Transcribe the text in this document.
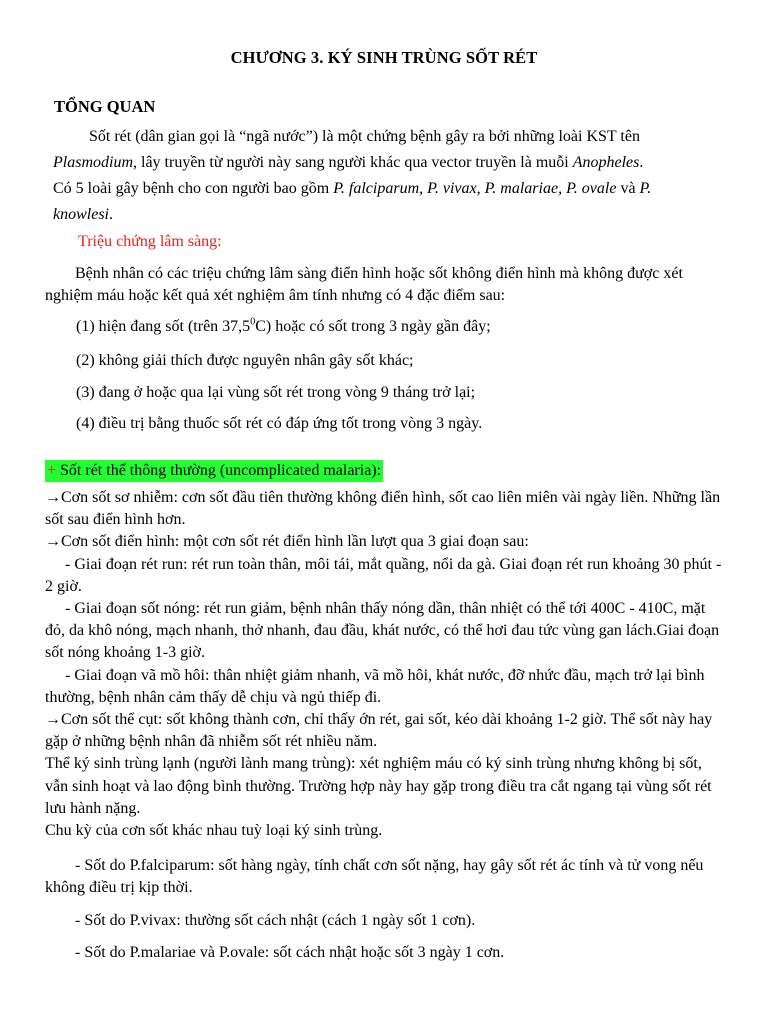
CHƯƠNG 3. KÝ SINH TRÙNG SỐT RÉT
TỔNG QUAN
Sốt rét (dân gian gọi là “ngã nước”) là một chứng bệnh gây ra bởi những loài KST tên Plasmodium, lây truyền từ người này sang người khác qua vector truyền là muỗi Anopheles.
Có 5 loài gây bệnh cho con người bao gồm P. falciparum, P. vivax, P. malariae, P. ovale và P. knowlesi.
Triệu chứng lâm sàng:
Bệnh nhân có các triệu chứng lâm sàng điển hình hoặc sốt không điển hình mà không được xét nghiệm máu hoặc kết quả xét nghiệm âm tính nhưng có 4 đặc điểm sau:
(1) hiện đang sốt (trên 37,5$^0$C) hoặc có sốt trong 3 ngày gần đây;
(2) không giải thích được nguyên nhân gây sốt khác;
(3) đang ở hoặc qua lại vùng sốt rét trong vòng 9 tháng trở lại;
(4) điều trị bằng thuốc sốt rét có đáp ứng tốt trong vòng 3 ngày.
+ Sốt rét thể thông thường (uncomplicated malaria):

→Cơn sốt sơ nhiễm: cơn sốt đầu tiên thường không điển hình, sốt cao liên miên vài ngày liền. Những lần sốt sau điển hình hơn.

→Cơn sốt điển hình: một cơn sốt rét điển hình lần lượt qua 3 giai đoạn sau:

- Giai đoạn rét run: rét run toàn thân, môi tái, mắt quầng, nổi da gà. Giai đoạn rét run khoảng 30 phút - 2 giờ.

- Giai đoạn sốt nóng: rét run giảm, bệnh nhân thấy nóng dần, thân nhiệt có thể tới 400C - 410C, mặt đỏ, da khô nóng, mạch nhanh, thở nhanh, đau đầu, khát nước, có thể hơi đau tức vùng gan lách.Giai đoạn sốt nóng khoảng 1-3 giờ.

- Giai đoạn vã mồ hôi: thân nhiệt giảm nhanh, vã mồ hôi, khát nước, đỡ nhức đầu, mạch trở lại bình thường, bệnh nhân cảm thấy dễ chịu và ngủ thiếp đi.

→Cơn sốt thể cụt: sốt không thành cơn, chỉ thấy ớn rét, gai sốt, kéo dài khoảng 1-2 giờ. Thể sốt này hay gặp ở những bệnh nhân đã nhiễm sốt rét nhiều năm.

Thể ký sinh trùng lạnh (người lành mang trùng): xét nghiệm máu có ký sinh trùng nhưng không bị sốt, vẫn sinh hoạt và lao động bình thường. Trường hợp này hay gặp trong điều tra cắt ngang tại vùng sốt rét lưu hành nặng.

Chu kỳ của cơn sốt khác nhau tuỳ loại ký sinh trùng.

- Sốt do P.falciparum: sốt hàng ngày, tính chất cơn sốt nặng, hay gây sốt rét ác tính và tử vong nếu không điều trị kịp thời.
- Sốt do P.vivax: thường sốt cách nhật (cách 1 ngày sốt 1 cơn).
- Sốt do P.malariae và P.ovale: sốt cách nhật hoặc sốt 3 ngày 1 cơn.
